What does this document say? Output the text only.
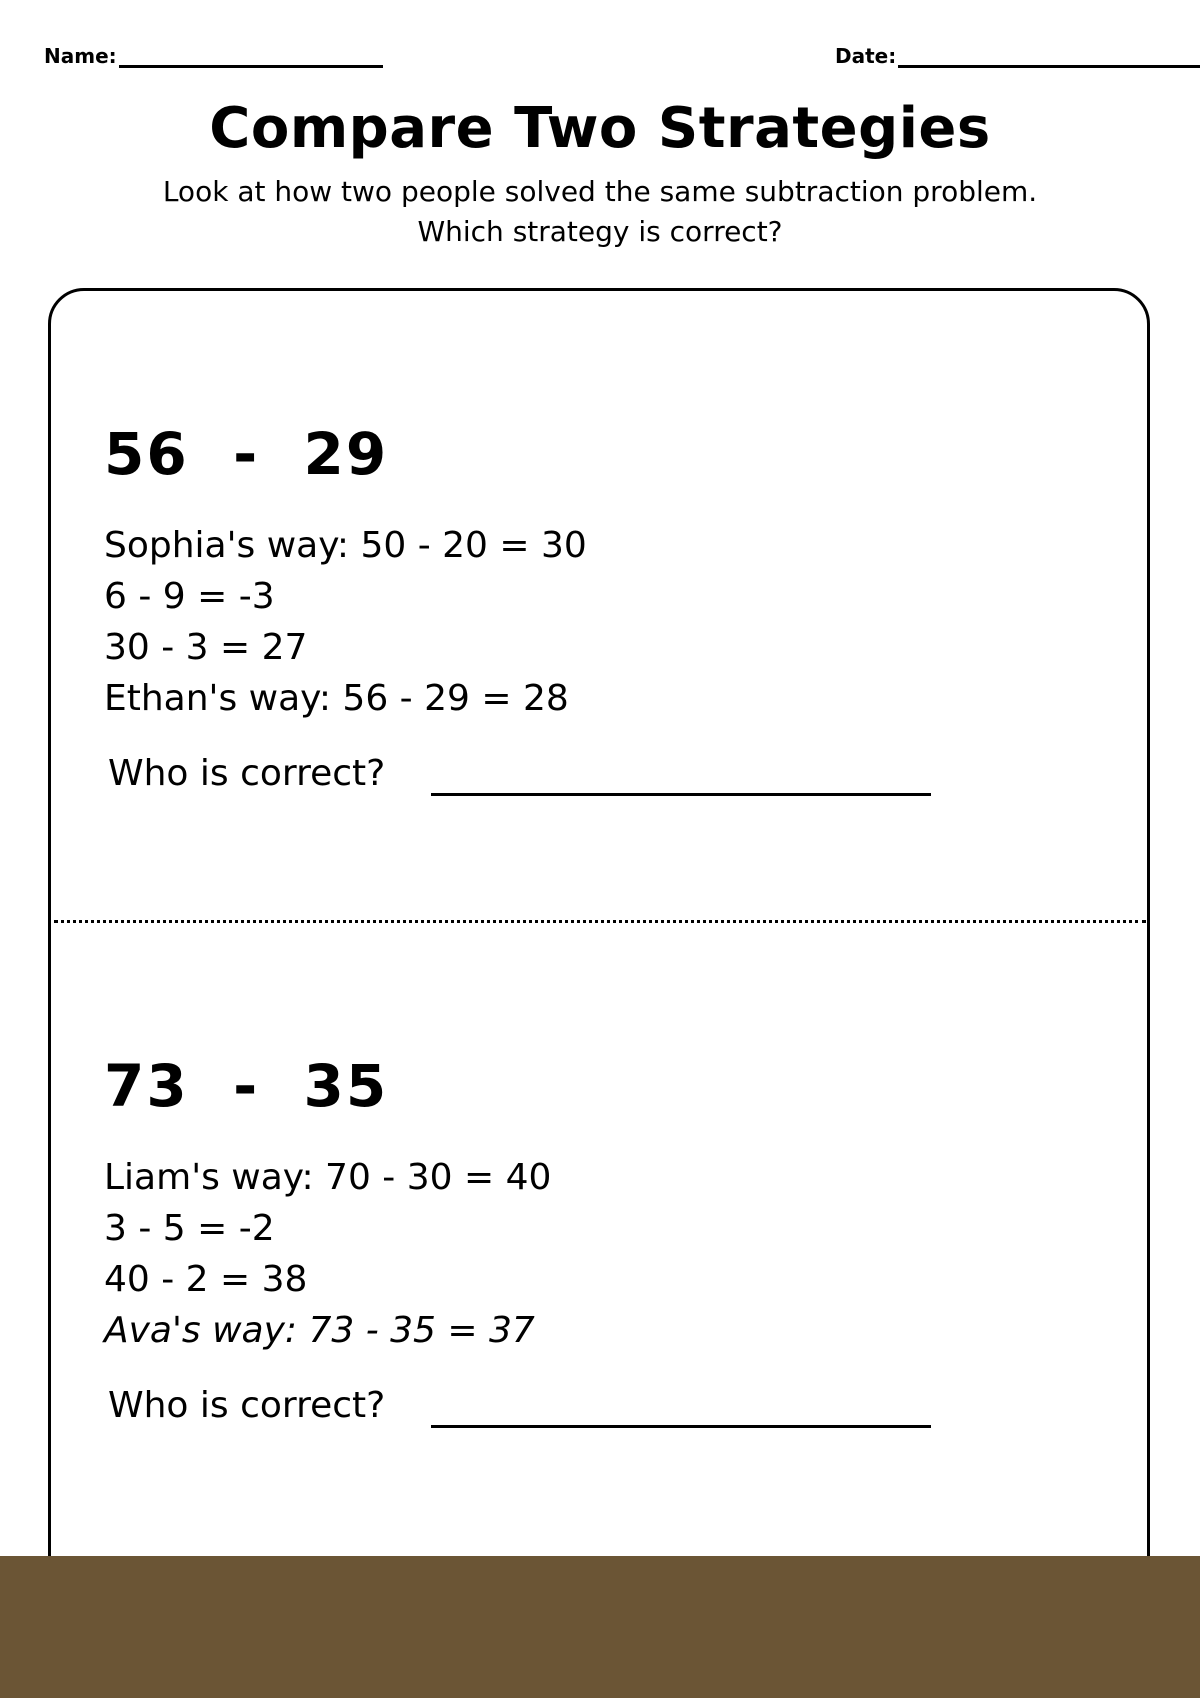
Name:	Date:
Compare Two Strategies
Look at how two people solved the same subtraction problem.
Which strategy is correct?
56  -  29
Sophia's way: 50 - 20 = 30
6 - 9 = -3
30 - 3 = 27
Ethan's way: 56 - 29 = 28
Who is correct?
73  -  35
Liam's way: 70 - 30 = 40
3 - 5 = -2
40 - 2 = 38
Ava's way: 73 - 35 = 37
Who is correct?
